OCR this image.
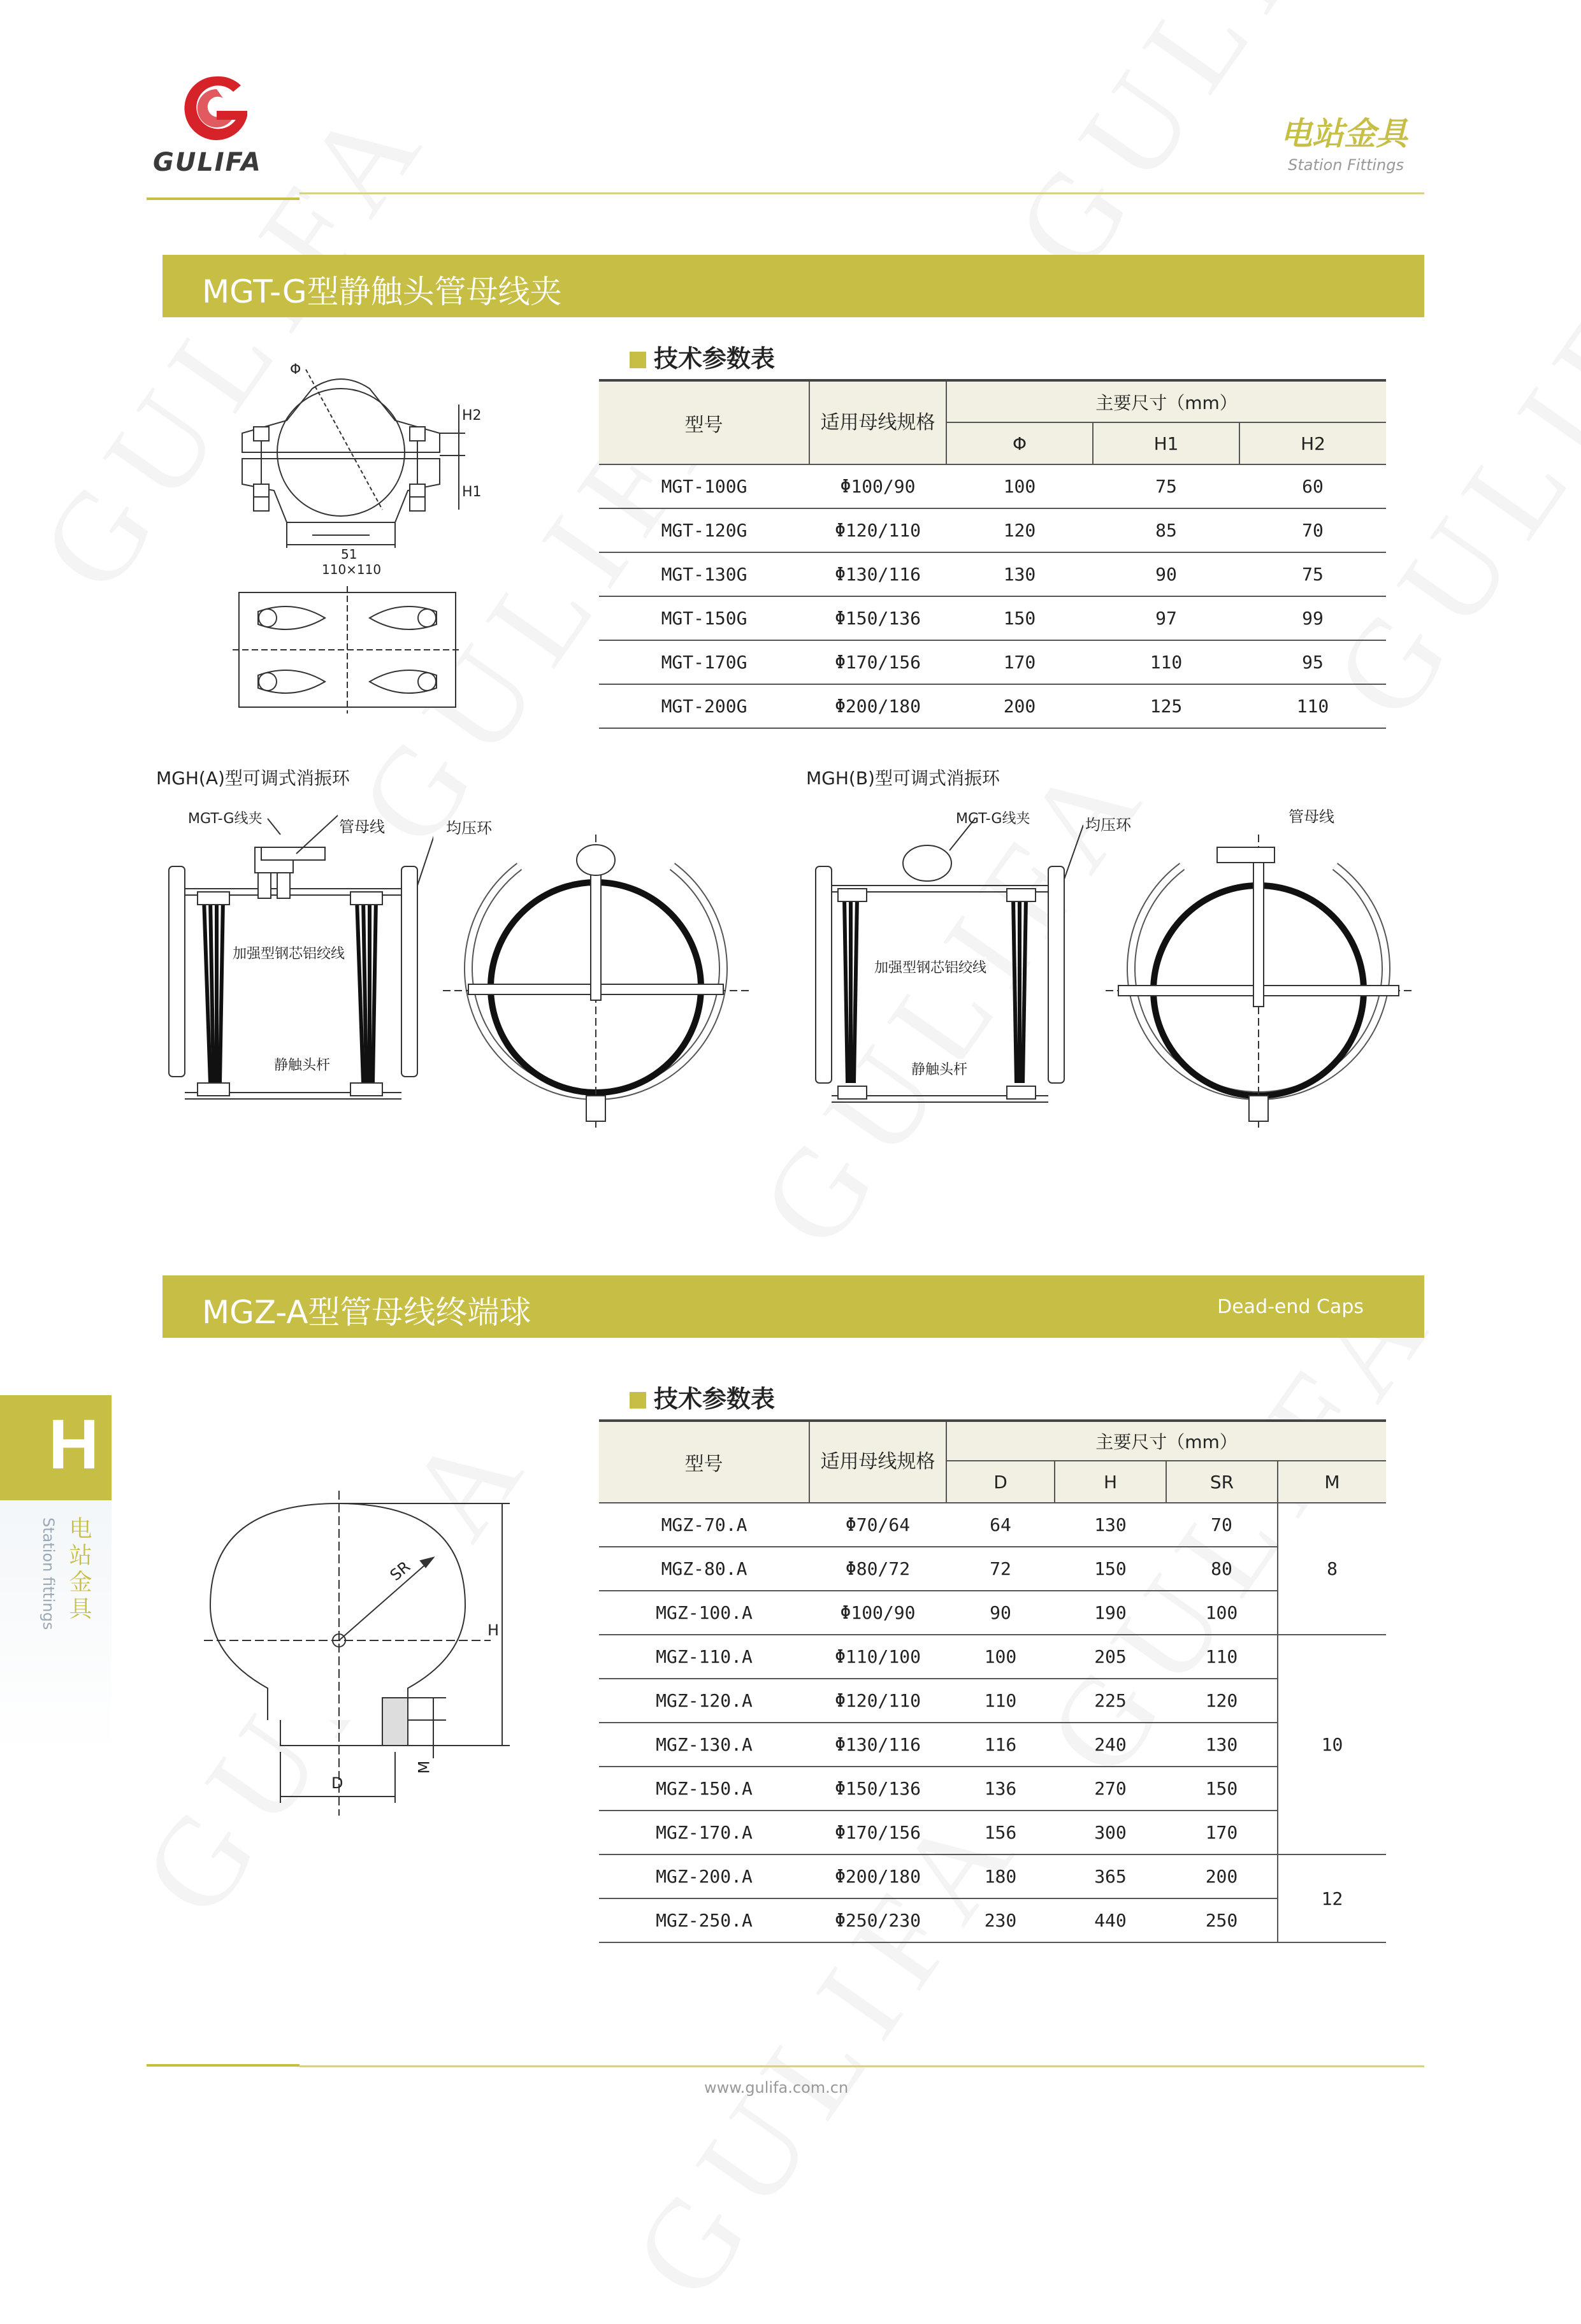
GULIFA
电站金具
Station Fittings
MGT-G型静触头管母线夹
技术参数表
型号	适用母线规格	主要尺寸（mm）		
		Φ	H1	H2
MGT-100G	Φ100/90	100	75	60
MGT-120G	Φ120/110	120	85	70
MGT-130G	Φ130/116	130	90	75
MGT-150G	Φ150/136	150	97	99
MGT-170G	Φ170/156	170	110	95
MGT-200G	Φ200/180	200	125	110
Φ
H2
H1
51
110×110
MGH(A)型可调式消振环
MGT-G线夹	管母线	均压环
加强型钢芯铝绞线
静触头杆
MGH(B)型可调式消振环
MGT-G线夹	均压环	管母线
加强型钢芯铝绞线
静触头杆
MGZ-A型管母线终端球	Dead-end Caps
技术参数表
型号	适用母线规格	主要尺寸（mm）			
		D	H	SR	M
MGZ-70.A	Φ70/64	64	130	70	8
MGZ-80.A	Φ80/72	72	150	80	
MGZ-100.A	Φ100/90	90	190	100	
MGZ-110.A	Φ110/100	100	205	110	10
MGZ-120.A	Φ120/110	110	225	120	
MGZ-130.A	Φ130/116	116	240	130	
MGZ-150.A	Φ150/136	136	270	150	
MGZ-170.A	Φ170/156	156	300	170	
MGZ-200.A	Φ200/180	180	365	200	12
MGZ-250.A	Φ250/230	230	440	250	
SR
H
D
M
H
电站金具
Station fittings
www.gulifa.com.cn
